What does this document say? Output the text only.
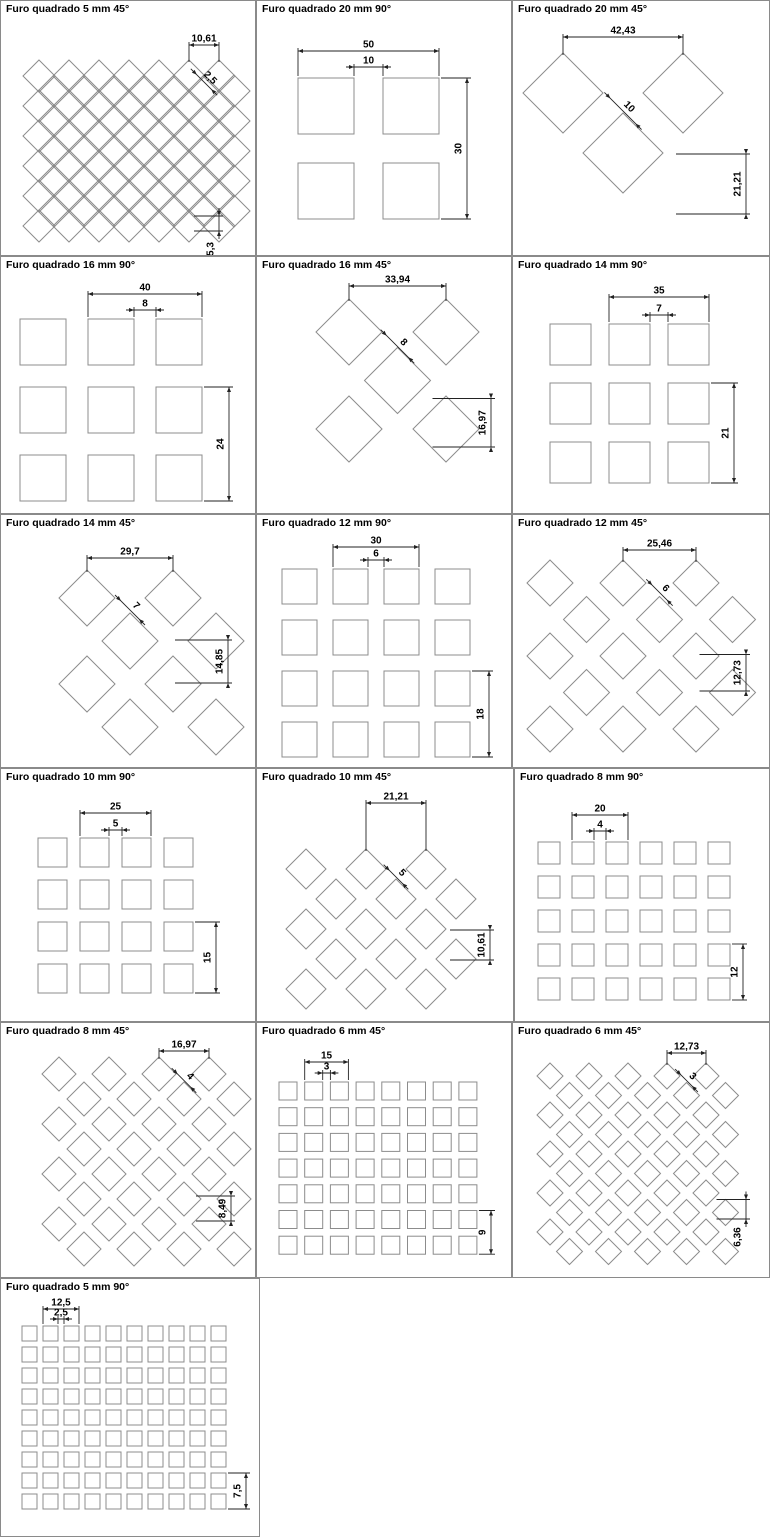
Furo quadrado 5 mm 45°
10,61
2,5
5,3
Furo quadrado 20 mm 90°
50
10
30
Furo quadrado 20 mm 45°
42,43
10
21,21
Furo quadrado 16 mm 90°
40
8
24
Furo quadrado 16 mm 45°
33,94
8
16,97
Furo quadrado 14 mm 90°
35
7
21
Furo quadrado 14 mm 45°
29,7
7
14,85
Furo quadrado 12 mm 90°
30
6
18
Furo quadrado 12 mm 45°
25,46
6
12,73
Furo quadrado 10 mm 90°
25
5
15
Furo quadrado 10 mm 45°
21,21
5
10,61
Furo quadrado 8 mm 90°
20
4
12
Furo quadrado 8 mm 45°
16,97
4
8,49
Furo quadrado 6 mm 45°
15
3
9
Furo quadrado 6 mm 45°
12,73
3
6,36
Furo quadrado 5 mm 90°
12,5
2,5
7,5
